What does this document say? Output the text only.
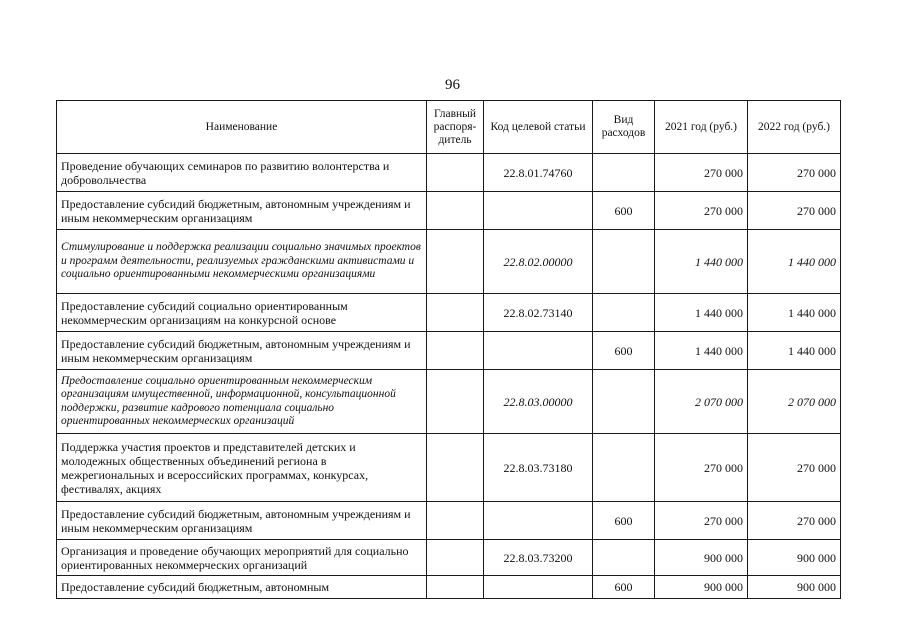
96
Наименование	Главный распоря- дитель	Код целевой статьи	Вид расходов	2021 год (руб.)	2022 год (руб.)
Проведение обучающих семинаров по развитию волонтерства и добровольчества		22.8.01.74760		270 000	270 000
Предоставление субсидий бюджетным, автономным учреждениям и иным некоммерческим организациям			600	270 000	270 000
Стимулирование и поддержка реализации социально значимых проектов и программ деятельности, реализуемых гражданскими активистами и социально ориентированными некоммерческими организациями		22.8.02.00000		1 440 000	1 440 000
Предоставление субсидий социально ориентированным некоммерческим организациям на конкурсной основе		22.8.02.73140		1 440 000	1 440 000
Предоставление субсидий бюджетным, автономным учреждениям и иным некоммерческим организациям			600	1 440 000	1 440 000
Предоставление социально ориентированным некоммерческим организациям имущественной, информационной, консультационной поддержки, развитие кадрового потенциала социально ориентированных некоммерческих организаций		22.8.03.00000		2 070 000	2 070 000
Поддержка участия проектов и представителей детских и молодежных общественных объединений региона в межрегиональных и всероссийских программах, конкурсах, фестивалях, акциях		22.8.03.73180		270 000	270 000
Предоставление субсидий бюджетным, автономным учреждениям и иным некоммерческим организациям			600	270 000	270 000
Организация и проведение обучающих мероприятий для социально ориентированных некоммерческих организаций		22.8.03.73200		900 000	900 000
Предоставление субсидий бюджетным, автономным			600	900 000	900 000
